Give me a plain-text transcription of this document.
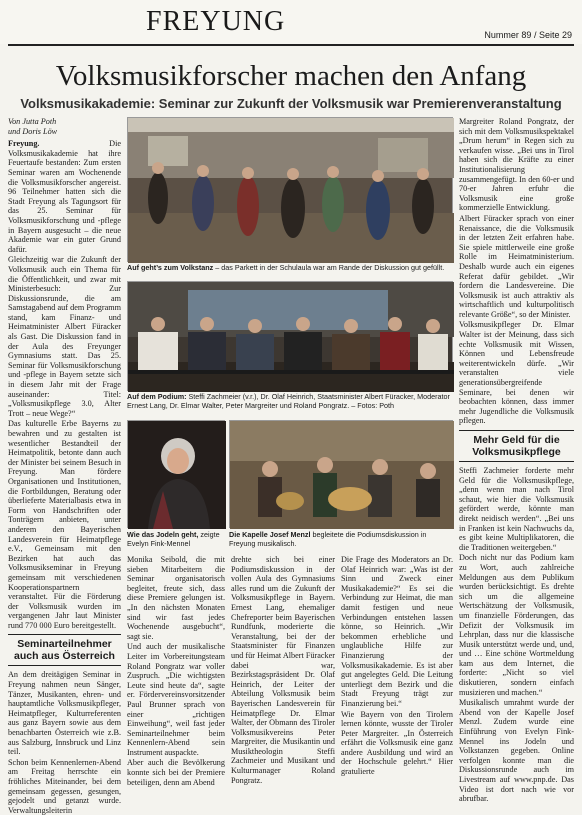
FREYUNG	Nummer 89 / Seite 29
Volksmusikforscher machen den Anfang
Volksmusikakademie: Seminar zur Zukunft der Volksmusik war Premierenveranstaltung
Von Jutta Poth
und Doris Löw

Freyung.	Die Volksmusikakademie hat ihre Feuertaufe bestanden: Zum ersten Seminar waren am Wochenende die Volksmusikforscher angereist. 96 Teilnehmer hatten sich die Stadt Freyung als Tagungsort für das 25. Seminar für Volksmusikforschung und -pflege in Bayern ausgesucht – die neue Akademie war ein guter Grund dafür.

Gleichzeitig war die Zukunft der Volksmusik auch ein Thema für die Öffentlichkeit, und zwar mit Ministerbesuch: Zur Diskussionsrunde, die am Samstagabend auf dem Programm stand, kam Finanz- und Heimatminister Albert Füracker als Gast. Die Diskussion fand in der Aula des Freyunger Gymnasiums statt. Das 25. Seminar für Volksmusikforschung und -pflege in Bayern setzte sich in diesem Jahr mit der Frage auseinander: Titel: „Volksmusikpflege 3.0, Alter Trott – neue Wege?“

Das kulturelle Erbe Bayerns zu bewahren und zu gestalten ist wesentlicher Bestandteil der Heimatpolitik, betonte dann auch der Minister bei seinem Besuch in Freyung. Man fördere Organisationen und Institutionen, die Fortbildungen, Beratung oder überlieferte Materialbasis etwa in Form von Handschriften oder Tonträgern anbieten, unter anderem den Bayerischen Landesverein für Heimatpflege e.V., Gemeinsam mit den Bezirken hat auch das Volksmusikseminar in Freyung gemeinsam mit verschiedenen Kooperationspartnern veranstaltet. Für die Förderung der Volksmusik wurden im vergangenen Jahr laut Minister rund 770 000 Euro bereitgestellt.

Seminarteilnehmer auch aus Österreich

An dem dreitägigen Seminar in Freyung nahmen neun Sänger, Tänzer, Musikanten, ehren- und hauptamtliche Volksmusikpfleger, Heimatpfleger, Kulturreferenten aus ganz Bayern sowie aus dem benachbarten Österreich wie z.B. aus Salzburg, Innsbruck und Linz teil.

Schon beim Kennenlernen-Abend am Freitag herrschte ein fröhliches Miteinander, bei dem gemeinsam gegessen, gesungen, gejodelt und getanzt wurde. Verwaltungsleiterin

Auf geht’s zum Volkstanz – das Parkett in der Schulaula war am Rande der Diskussion gut gefüllt.
Auf dem Podium: Steffi Zachmeier (v.r.), Dr. Olaf Heinrich, Staatsminister Albert Füracker, Moderator Ernest Lang, Dr. Elmar Walter, Peter Margreiter und Roland Pongratz. – Fotos: Poth
Wie das Jodeln geht, zeigte Evelyn Fink-Mennel
Die Kapelle Josef Menzl begleitete die Podiumsdiskussion in Freyung musikalisch.

Monika Seibold, die mit sieben Mitarbeitern die Seminar organisatorisch begleitet, freute sich, dass diese Premiere gelungen ist. „In den nächsten Monaten sind wir fast jedes Wochenende ausgebucht“, sagt sie.

Und auch der musikalische Leiter im Vorbereitungsteam Roland Pongratz war voller Zuspruch. „Die wichtigsten Leute sind heute da“, sagte er. Fördervereinsvorsitzender Paul Brunner sprach von einer „richtigen Einweihung“, weil fast jeder Seminarteilnehmer beim Kennenlern-Abend sein Instrument auspackte.

Aber auch die Bevölkerung konnte sich bei der Premiere beteiligen, denn am Abend

drehte sich bei einer Podiumsdiskussion in der vollen Aula des Gymnasiums alles rund um die Zukunft der Volksmusikpflege in Bayern. Ernest Lang, ehemaliger Chefreporter beim Bayerischen Rundfunk, moderierte die Veranstaltung, bei der der Staatsminister für Finanzen und für Heimat Albert Füracker dabei war, Bezirkstagspräsident Dr. Olaf Heinrich, der Leiter der Abteilung Volksmusik beim Bayerischen Landesverein für Heimatpflege Dr. Elmar Walter, der Obmann des Tiroler Volksmusikvereins Peter Margreiter, die Musikantin und Musiktheologin Steffi Zachmeier und Musikant und Kulturmanager Roland Pongratz.

Die Frage des Moderators an Dr. Olaf Heinrich war: „Was ist der Sinn und Zweck einer Musikakademie?“ Es sei die Verbindung zur Heimat, die man damit festigen und neue Verbindungen entstehen lassen könne, so Heinrich. „Wir bekommen erhebliche und unglaubliche Hilfe zur Finanzierung der Volksmusikakademie. Es ist aber gut angelegtes Geld. Die Leitung unterliegt dem Bezirk und die Stadt Freyung trägt zur Finanzierung bei.“

Wie Bayern von den Tirolern lernen könnte, wusste der Tiroler Peter Margreiter. „In Österreich erfährt die Volksmusik eine ganz andere Ausbildung und wird an der Hochschule gelehrt.“ Hier gratulierte

Margreiter Roland Pongratz, der sich mit dem Volksmusikspektakel „Drum herum“ in Regen sich zu verkaufen wisse. „Bei uns in Tirol haben sich die Kräfte zu einer Institutionalisierung zusammengefügt. In den 60-er und 70-er Jahren erfuhr die Volksmusik eine große kommerzielle Entwicklung.

Albert Füracker sprach von einer Renaissance, die die Volksmusik in der letzten Zeit erfahren habe. Sie spiele mittlerweile eine große Rolle im Heimatministerium. Deshalb wurde auch ein eigenes Referat dafür gebildet. „Wir fordern die Landesvereine. Die Volksmusik ist auch attraktiv als wirtschaftlich und kulturpolitisch relevante Größe“, so der Minister.

Volksmusikpfleger Dr. Elmar Walter ist der Meinung, dass sich echte Volksmusik mit Wissen, Können und Lebensfreude weiterentwickeln dürfe. „Wir veranstalten viele generationsübergreifende Seminare, bei denen wir beobachten können, dass immer mehr Jugendliche die Volksmusik pflegen.

Mehr Geld für die Volksmusikpflege

Steffi Zachmeier forderte mehr Geld für die Volksmusikpflege, „denn wenn man nach Tirol schaut, wie hier die Volksmusik gefördert werde, könnte man direkt neidisch werden“. „Bei uns in Franken ist kein Nachwuchs da, es gibt keine Multiplikatoren, die die Traditionen weitergeben.“

Doch nicht nur das Podium kam zu Wort, auch zahlreiche Meldungen aus dem Publikum wurden berücksichtigt. Es drehte sich um die allgemeine Wertschätzung der Volksmusik, um finanzielle Förderungen, das Defizit der Volksmusik im Lehrplan, dass nur die klassische Musik unterstützt werde und, und, und … Eine schöne Wortmeldung kam aus dem Internet, die forderte: „Nicht so viel diskutieren, sondern einfach musizieren und machen.“

Musikalisch umrahmt wurde der Abend von der Kapelle Josef Menzl. Zudem wurde eine Einführung von Evelyn Fink-Mennel ins Jodeln und Volkstanzen gegeben. Online verfolgen konnte man die Diskussionsrunde auch im Livestream auf www.pnp.de. Das Video ist dort nach wie vor abrufbar.
